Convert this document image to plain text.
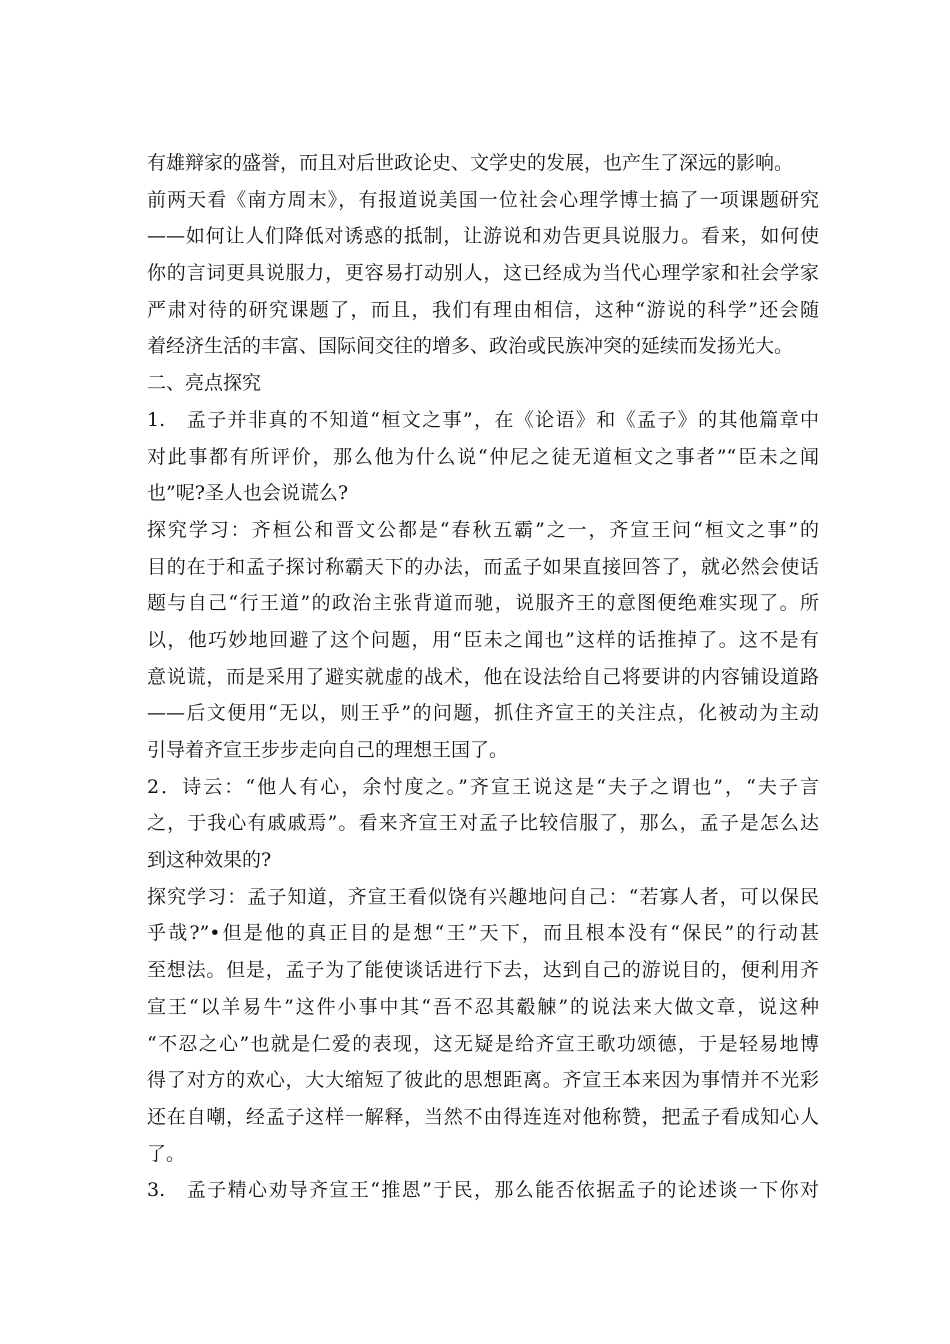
有雄辩家的盛誉，而且对后世政论史、文学史的发展，也产生了深远的影响。
前两天看《南方周末》，有报道说美国一位社会心理学博士搞了一项课题研究
——如何让人们降低对诱惑的抵制，让游说和劝告更具说服力。看来，如何使
你的言词更具说服力，更容易打动别人，这已经成为当代心理学家和社会学家
严肃对待的研究课题了，而且，我们有理由相信，这种“游说的科学”还会随
着经济生活的丰富、国际间交往的增多、政治或民族冲突的延续而发扬光大。
二、亮点探究
1.　孟子并非真的不知道“桓文之事”，在《论语》和《孟子》的其他篇章中
对此事都有所评价，那么他为什么说“仲尼之徒无道桓文之事者”“臣未之闻
也”呢?圣人也会说谎么?
探究学习：齐桓公和晋文公都是“春秋五霸”之一，齐宣王问“桓文之事”的
目的在于和孟子探讨称霸天下的办法，而孟子如果直接回答了，就必然会使话
题与自己“行王道”的政治主张背道而驰，说服齐王的意图便绝难实现了。所
以，他巧妙地回避了这个问题，用“臣未之闻也”这样的话推掉了。这不是有
意说谎，而是采用了避实就虚的战术，他在设法给自己将要讲的内容铺设道路
——后文便用“无以，则王乎”的问题，抓住齐宣王的关注点，化被动为主动
引导着齐宣王步步走向自己的理想王国了。
2．诗云：“他人有心，余忖度之。”齐宣王说这是“夫子之谓也”，“夫子言
之，于我心有戚戚焉”。看来齐宣王对孟子比较信服了，那么，孟子是怎么达
到这种效果的?
探究学习：孟子知道，齐宣王看似饶有兴趣地问自己：“若寡人者，可以保民
乎哉?”•但是他的真正目的是想“王”天下，而且根本没有“保民”的行动甚
至想法。但是，孟子为了能使谈话进行下去，达到自己的游说目的，便利用齐
宣王“以羊易牛”这件小事中其“吾不忍其觳觫”的说法来大做文章，说这种
“不忍之心”也就是仁爱的表现，这无疑是给齐宣王歌功颂德，于是轻易地博
得了对方的欢心，大大缩短了彼此的思想距离。齐宣王本来因为事情并不光彩
还在自嘲，经孟子这样一解释，当然不由得连连对他称赞，把孟子看成知心人
了。
3.　孟子精心劝导齐宣王“推恩”于民，那么能否依据孟子的论述谈一下你对
